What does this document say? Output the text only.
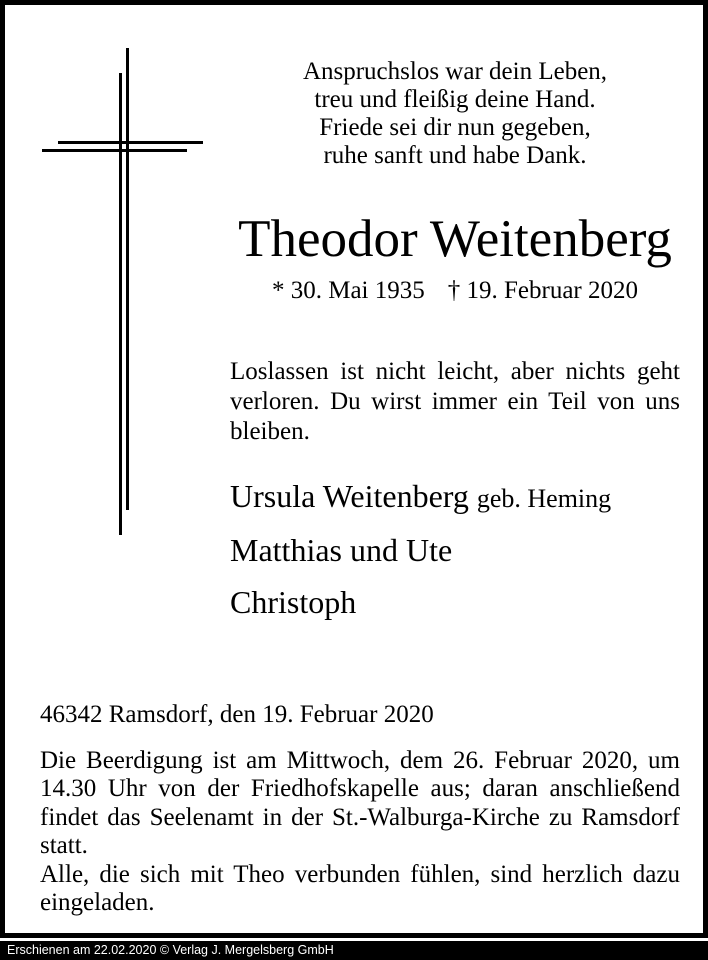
Anspruchslos war dein Leben,
treu und fleißig deine Hand.
Friede sei dir nun gegeben,
ruhe sanft und habe Dank.
Theodor Weitenberg
* 30. Mai 1935 † 19. Februar 2020
Loslassen ist nicht leicht, aber nichts geht verloren. Du wirst immer ein Teil von uns bleiben.
Ursula Weitenberg geb. Heming
Matthias und Ute
Christoph
46342 Ramsdorf, den 19. Februar 2020

Die Beerdigung ist am Mittwoch, dem 26. Februar 2020, um 14.30 Uhr von der Friedhofskapelle aus; daran anschließend findet das Seelenamt in der St.-Walburga-Kirche zu Ramsdorf statt.

Alle, die sich mit Theo verbunden fühlen, sind herzlich dazu eingeladen.

Erschienen am 22.02.2020 © Verlag J. Mergelsberg GmbH
